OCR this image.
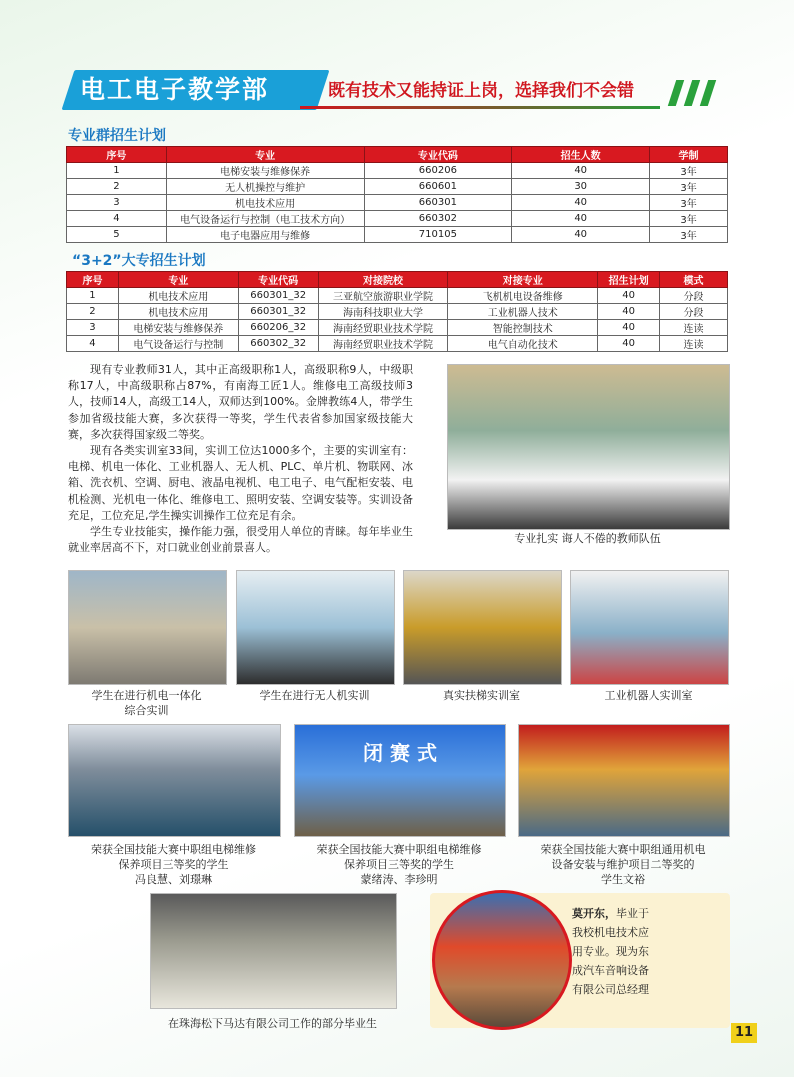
电工电子教学部	既有技术又能持证上岗，选择我们不会错
专业群招生计划
序号	专业	专业代码	招生人数	学制
1	电梯安装与维修保养	660206	40	3年
2	无人机操控与维护	660601	30	3年
3	机电技术应用	660301	40	3年
4	电气设备运行与控制（电工技术方向）	660302	40	3年
5	电子电器应用与维修	710105	40	3年
“3+2”大专招生计划
序号	专业	专业代码	对接院校	对接专业	招生计划	模式
1	机电技术应用	660301_32	三亚航空旅游职业学院	飞机机电设备维修	40	分段
2	机电技术应用	660301_32	海南科技职业大学	工业机器人技术	40	分段
3	电梯安装与维修保养	660206_32	海南经贸职业技术学院	智能控制技术	40	连读
4	电气设备运行与控制	660302_32	海南经贸职业技术学院	电气自动化技术	40	连读

现有专业教师31人，其中正高级职称1人，高级职称9人，中级职称17人，中高级职称占87%，有南海工匠1人。维修电工高级技师3人，技师14人，高级工14人，双师达到100%。金牌教练4人，带学生参加省级技能大赛，多次获得一等奖，学生代表省参加国家级技能大赛，多次获得国家级二等奖。

现有各类实训室33间，实训工位达1000多个，主要的实训室有：电梯、机电一体化、工业机器人、无人机、PLC、单片机、物联网、冰箱、洗衣机、空调、厨电、液晶电视机、电工电子、电气配柜安装、电机检测、光机电一体化、维修电工、照明安装、空调安装等。实训设备充足，工位充足,学生操实训操作工位充足有余。

学生专业技能实，操作能力强，很受用人单位的青睐。每年毕业生就业率居高不下，对口就业创业前景喜人。

专业扎实 诲人不倦的教师队伍
学生在进行机电一体化
综合实训
学生在进行无人机实训	真实扶梯实训室	工业机器人实训室
闭 赛 式
荣获全国技能大赛中职组电梯维修
保养项目三等奖的学生
冯良慧、刘璟琳
荣获全国技能大赛中职组电梯维修
保养项目三等奖的学生
蒙绪涛、李珍明
荣获全国技能大赛中职组通用机电
设备安装与维护项目二等奖的
学生文裕
在珠海松下马达有限公司工作的部分毕业生
莫开东，毕业于我校机电技术应用专业。现为东成汽车音响设备有限公司总经理
11
